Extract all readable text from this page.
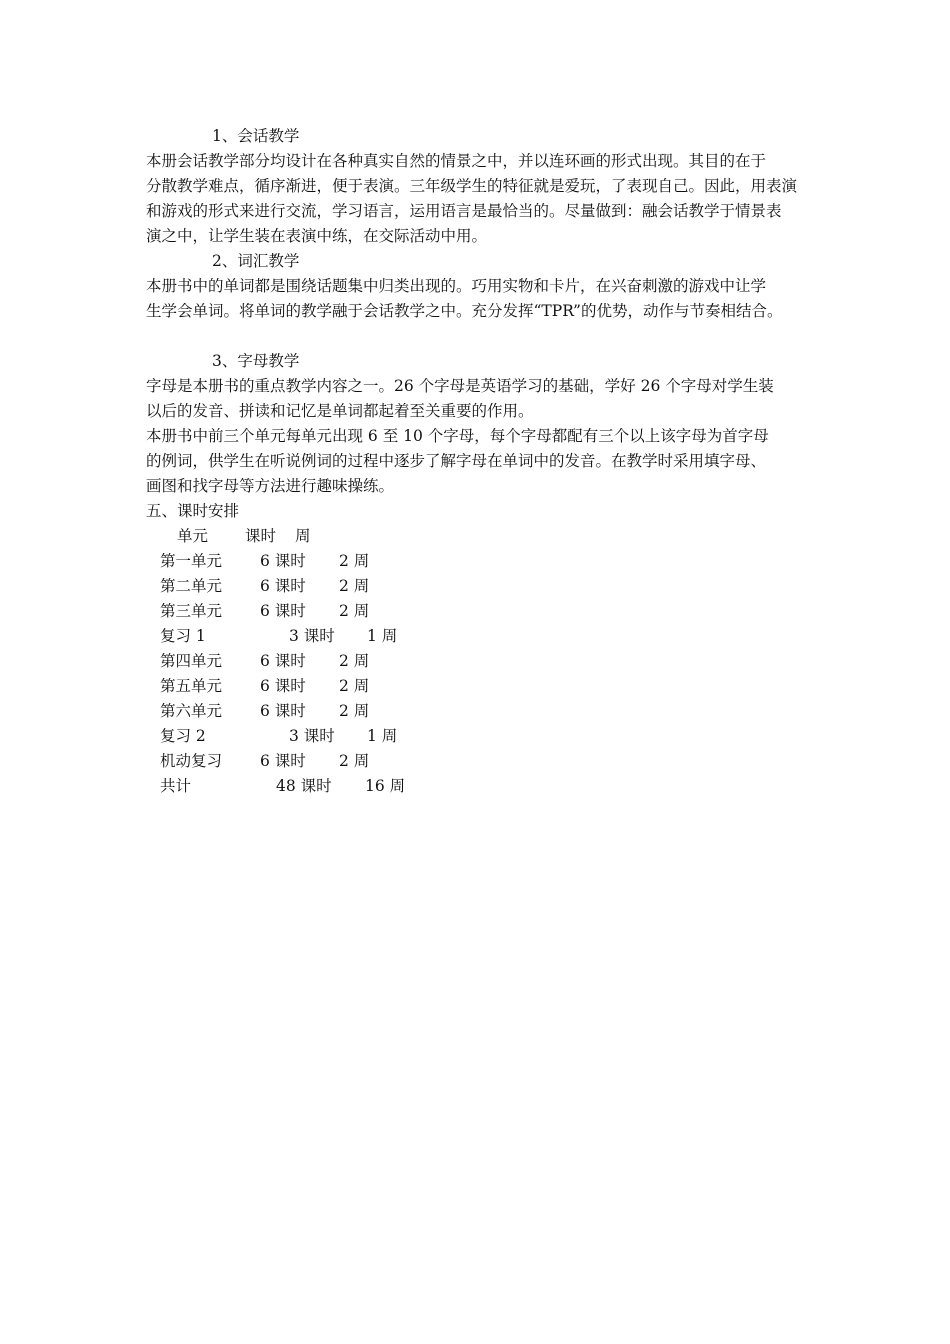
1、会话教学

本册会话教学部分均设计在各种真实自然的情景之中，并以连环画的形式出现。其目的在于
分散教学难点，循序渐进，便于表演。三年级学生的特征就是爱玩，了表现自己。因此，用表演
和游戏的形式来进行交流，学习语言，运用语言是最恰当的。尽量做到：融会话教学于情景表
演之中，让学生装在表演中练，在交际活动中用。

2、词汇教学

本册书中的单词都是围绕话题集中归类出现的。巧用实物和卡片，在兴奋刺激的游戏中让学
生学会单词。将单词的教学融于会话教学之中。充分发挥“TPR”的优势，动作与节奏相结合。

3、字母教学

字母是本册书的重点教学内容之一。26 个字母是英语学习的基础，学好 26 个字母对学生装
以后的发音、拼读和记忆是单词都起着至关重要的作用。
本册书中前三个单元每单元出现 6 至 10 个字母，每个字母都配有三个以上该字母为首字母
的例词，供学生在听说例词的过程中逐步了解字母在单词中的发音。在教学时采用填字母、
画图和找字母等方法进行趣味操练。

五、课时安排
单元 课时 周
第一单元 6 课时 2 周
第二单元 6 课时 2 周
第三单元 6 课时 2 周
复习 1	3 课时 1 周
第四单元 6 课时 2 周
第五单元 6 课时 2 周
第六单元 6 课时 2 周
复习 2	3 课时 1 周
机动复习 6 课时 2 周
共计	48 课时 16 周
